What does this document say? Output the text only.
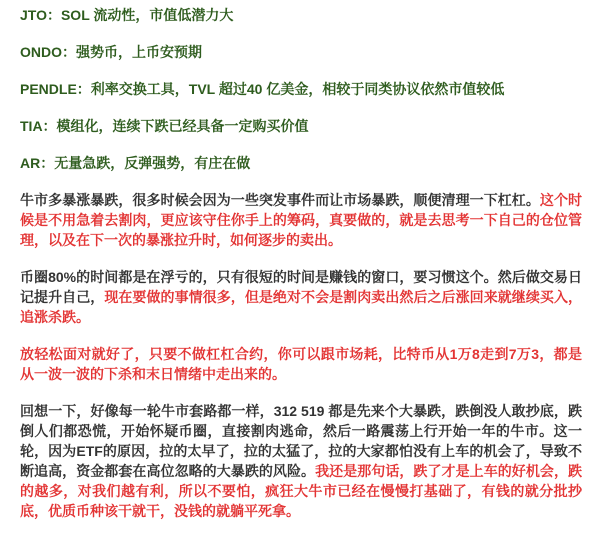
JTO：SOL 流动性，市值低潜力大

ONDO：强势币，上币安预期

PENDLE：利率交换工具，TVL 超过40 亿美金，相较于同类协议依然市值较低

TIA：模组化，连续下跌已经具备一定购买价值

AR：无量急跌，反弹强势，有庄在做

牛市多暴涨暴跌，很多时候会因为一些突发事件而让市场暴跌，顺便清理一下杠杠。这个时候是不用急着去割肉，更应该守住你手上的筹码，真要做的，就是去思考一下自己的仓位管理，以及在下一次的暴涨拉升时，如何逐步的卖出。

币圈80%的时间都是在浮亏的，只有很短的时间是赚钱的窗口，要习惯这个。然后做交易日记提升自己，现在要做的事情很多，但是绝对不会是割肉卖出然后之后涨回来就继续买入，追涨杀跌。

放轻松面对就好了，只要不做杠杠合约，你可以跟市场耗，比特币从1万8走到7万3，都是从一波一波的下杀和末日情绪中走出来的。

回想一下，好像每一轮牛市套路都一样，312 519 都是先来个大暴跌，跌倒没人敢抄底，跌倒人们都恐慌，开始怀疑币圈，直接割肉逃命，然后一路震荡上行开始一年的牛市。这一轮，因为ETF的原因，拉的太早了，拉的太猛了，拉的大家都怕没有上车的机会了，导致不断追高，资金都套在高位忽略的大暴跌的风险。我还是那句话，跌了才是上车的好机会，跌的越多，对我们越有利，所以不要怕，疯狂大牛市已经在慢慢打基础了，有钱的就分批抄底，优质币种该干就干，没钱的就躺平死拿。
